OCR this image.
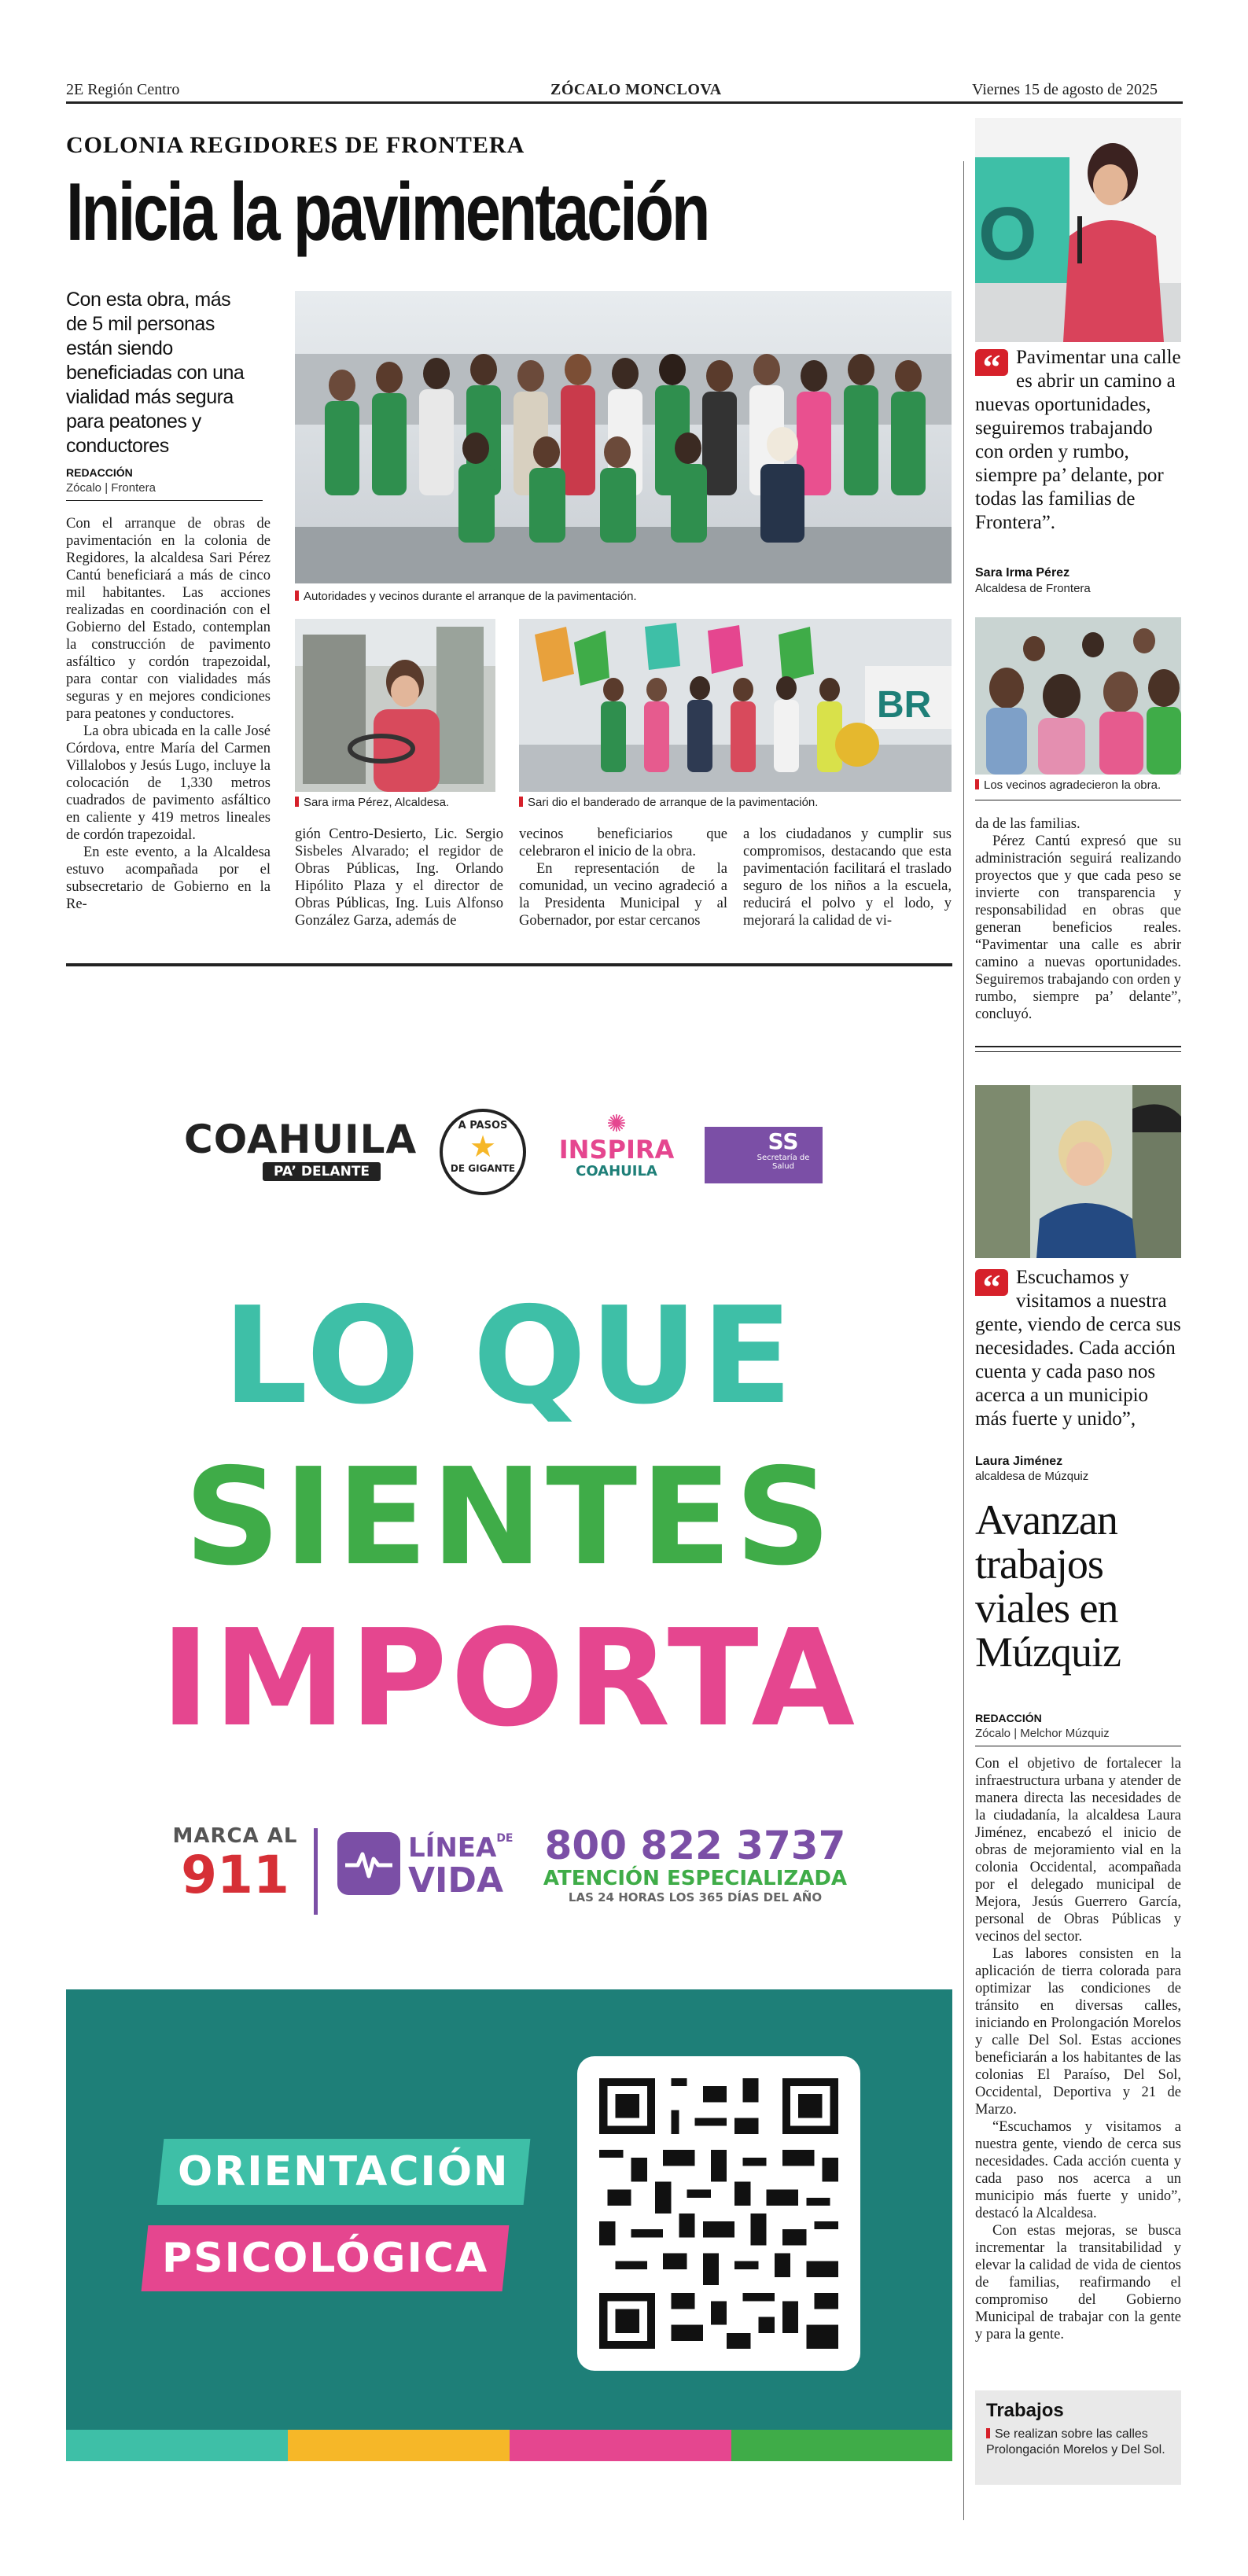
2E Región Centro	ZÓCALO MONCLOVA	Viernes 15 de agosto de 2025
COLONIA REGIDORES DE FRONTERA
Inicia la pavimentación
Con esta obra, más de 5 mil personas están siendo beneficiadas con una vialidad más segura para peatones y conductores
REDACCIÓN
Zócalo | Frontera

Con el arranque de obras de pavimentación en la colonia de Regidores, la alcaldesa Sari Pérez Cantú beneficiará a más de cinco mil habitantes. Las acciones realizadas en coordinación con el Gobierno del Estado, contemplan la construcción de pavimento asfáltico y cordón trapezoidal, para contar con vialidades más seguras y en mejores condiciones para peatones y conductores.

La obra ubicada en la calle José Córdova, entre María del Carmen Villalobos y Jesús Lugo, incluye la colocación de 1,330 metros cuadrados de pavimento asfáltico en caliente y 419 metros lineales de cordón trapezoidal.

En este evento, a la Alcaldesa estuvo acompañada por el subsecretario de Gobierno en la Re-

Autoridades y vecinos durante el arranque de la pavimentación.
Sara irma Pérez, Alcaldesa.
BR
Sari dio el banderado de arranque de la pavimentación.

gión Centro-Desierto, Lic. Sergio Sisbeles Alvarado; el regidor de Obras Públicas, Ing. Orlando Hipólito Plaza y el director de Obras Públicas, Ing. Luis Alfonso González Garza, además de

vecinos beneficiarios que celebraron el inicio de la obra.

En representación de la comunidad, un vecino agradeció a la Presidenta Municipal y al Gobernador, por estar cercanos

a los ciudadanos y cumplir sus compromisos, destacando que esta pavimentación facilitará el traslado seguro de los niños a la escuela, reducirá el polvo y el lodo, y mejorará la calidad de vi-

O
“ Pavimentar una calle es abrir un camino a nuevas oportunidades, seguiremos trabajando con orden y rumbo, siempre pa’ delante, por todas las familias de Frontera”.
Sara Irma Pérez
Alcaldesa de Frontera
Los vecinos agradecieron la obra.

da de las familias.

Pérez Cantú expresó que su administración seguirá realizando proyectos que y que cada peso se invierte con transparencia y responsabilidad en obras que generan beneficios reales. “Pavimentar una calle es abrir camino a nuevas oportunidades. Seguiremos trabajando con orden y rumbo, siempre pa’ delante”, concluyó.

“ Escuchamos y visitamos a nuestra gente, viendo de cerca sus necesidades. Cada acción cuenta y cada paso nos acerca a un municipio más fuerte y unido”,
Laura Jiménez
alcaldesa de Múzquiz
Avanzan trabajos viales en Múzquiz
REDACCIÓN
Zócalo | Melchor Múzquiz

Con el objetivo de fortalecer la infraestructura urbana y atender de manera directa las necesidades de la ciudadanía, la alcaldesa Laura Jiménez, encabezó el inicio de obras de mejoramiento vial en la colonia Occidental, acompañada por el delegado municipal de Mejora, Jesús Guerrero García, personal de Obras Públicas y vecinos del sector.

Las labores consisten en la aplicación de tierra colorada para optimizar las condiciones de tránsito en diversas calles, iniciando en Prolongación Morelos y calle Del Sol. Estas acciones beneficiarán a los habitantes de las colonias El Paraíso, Del Sol, Occidental, Deportiva y 21 de Marzo.

“Escuchamos y visitamos a nuestra gente, viendo de cerca sus necesidades. Cada acción cuenta y cada paso nos acerca a un municipio más fuerte y unido”, destacó la Alcaldesa.

Con estas mejoras, se busca incrementar la transitabilidad y elevar la calidad de vida de cientos de familias, reafirmando el compromiso del Gobierno Municipal de trabajar con la gente y para la gente.

Trabajos
Se realizan sobre las calles Prolongación Morelos y Del Sol.
COAHUILA
PA’ DELANTE
A PASOS
★
DE GIGANTE
✺
INSPIRA
COAHUILA
SS
Secretaría de Salud
LO QUE
SIENTES
IMPORTA
MARCA AL
911	LÍNEADE
VIDA
800 822 3737
ATENCIÓN ESPECIALIZADA
LAS 24 HORAS LOS 365 DÍAS DEL AÑO
ORIENTACIÓN
PSICOLÓGICA
